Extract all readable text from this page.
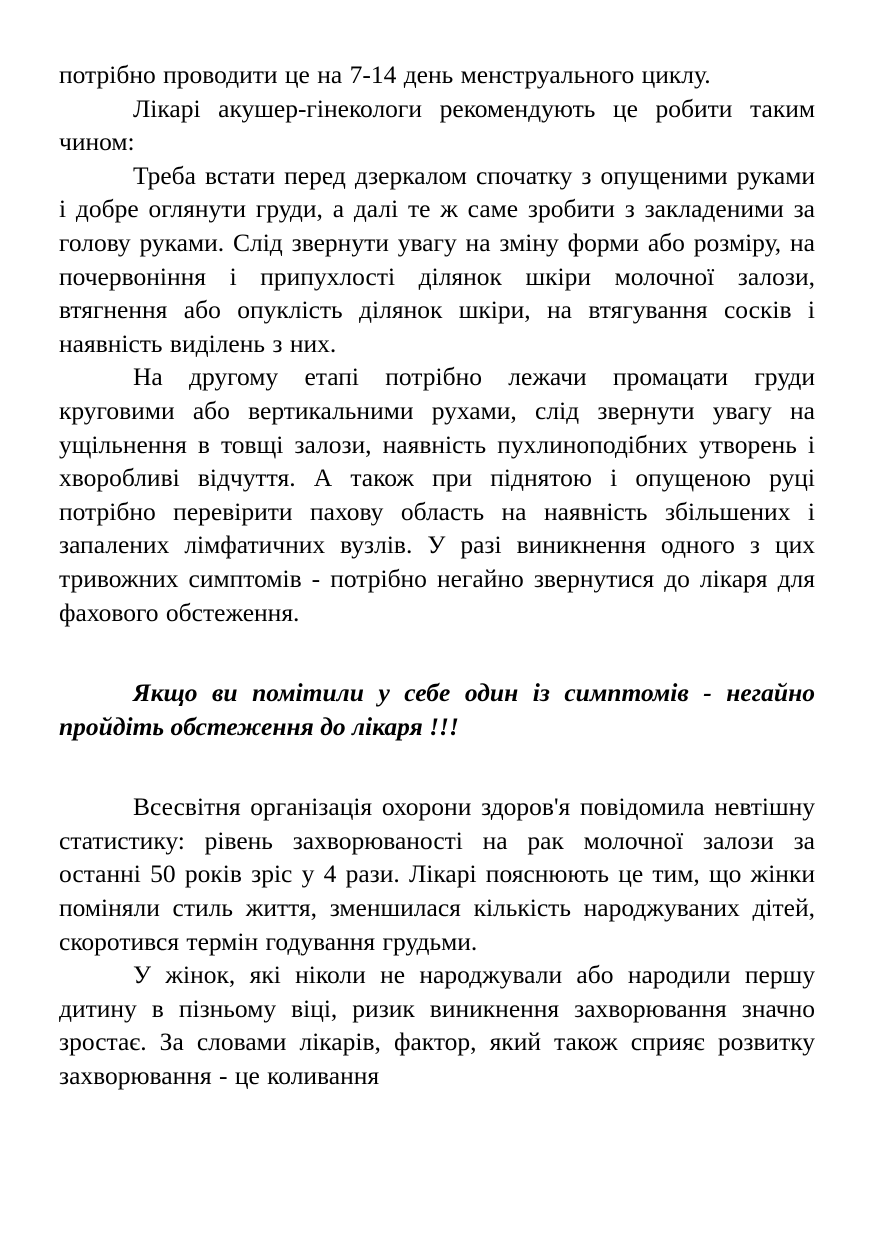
потрібно проводити це на 7-14 день менструального циклу.

Лікарі акушер-гінекологи рекомендують це робити таким чином:

Треба встати перед дзеркалом спочатку з опущеними руками і добре оглянути груди, а далі те ж саме зробити з закладеними за голову руками. Слід звернути увагу на зміну форми або розміру, на почервоніння і припухлості ділянок шкіри молочної залози, втягнення або опуклість ділянок шкіри, на втягування сосків і наявність виділень з них.

На другому етапі потрібно лежачи промацати груди круговими або вертикальними рухами, слід звернути увагу на ущільнення в товщі залози, наявність пухлиноподібних утворень і хворобливі відчуття. А також при піднятою і опущеною руці потрібно перевірити пахову область на наявність збільшених і запалених лімфатичних вузлів. У разі виникнення одного з цих тривожних симптомів - потрібно негайно звернутися до лікаря для фахового обстеження.

Якщо ви помітили у себе один із симптомів - негайно пройдіть обстеження до лікаря !!!

Всесвітня організація охорони здоров'я повідомила невтішну статистику: рівень захворюваності на рак молочної залози за останні 50 років зріс у 4 рази. Лікарі пояснюють це тим, що жінки поміняли стиль життя, зменшилася кількість народжуваних дітей, скоротився термін годування грудьми.

У жінок, які ніколи не народжували або народили першу дитину в пізньому віці, ризик виникнення захворювання значно зростає. За словами лікарів, фактор, який також сприяє розвитку захворювання - це коливання
